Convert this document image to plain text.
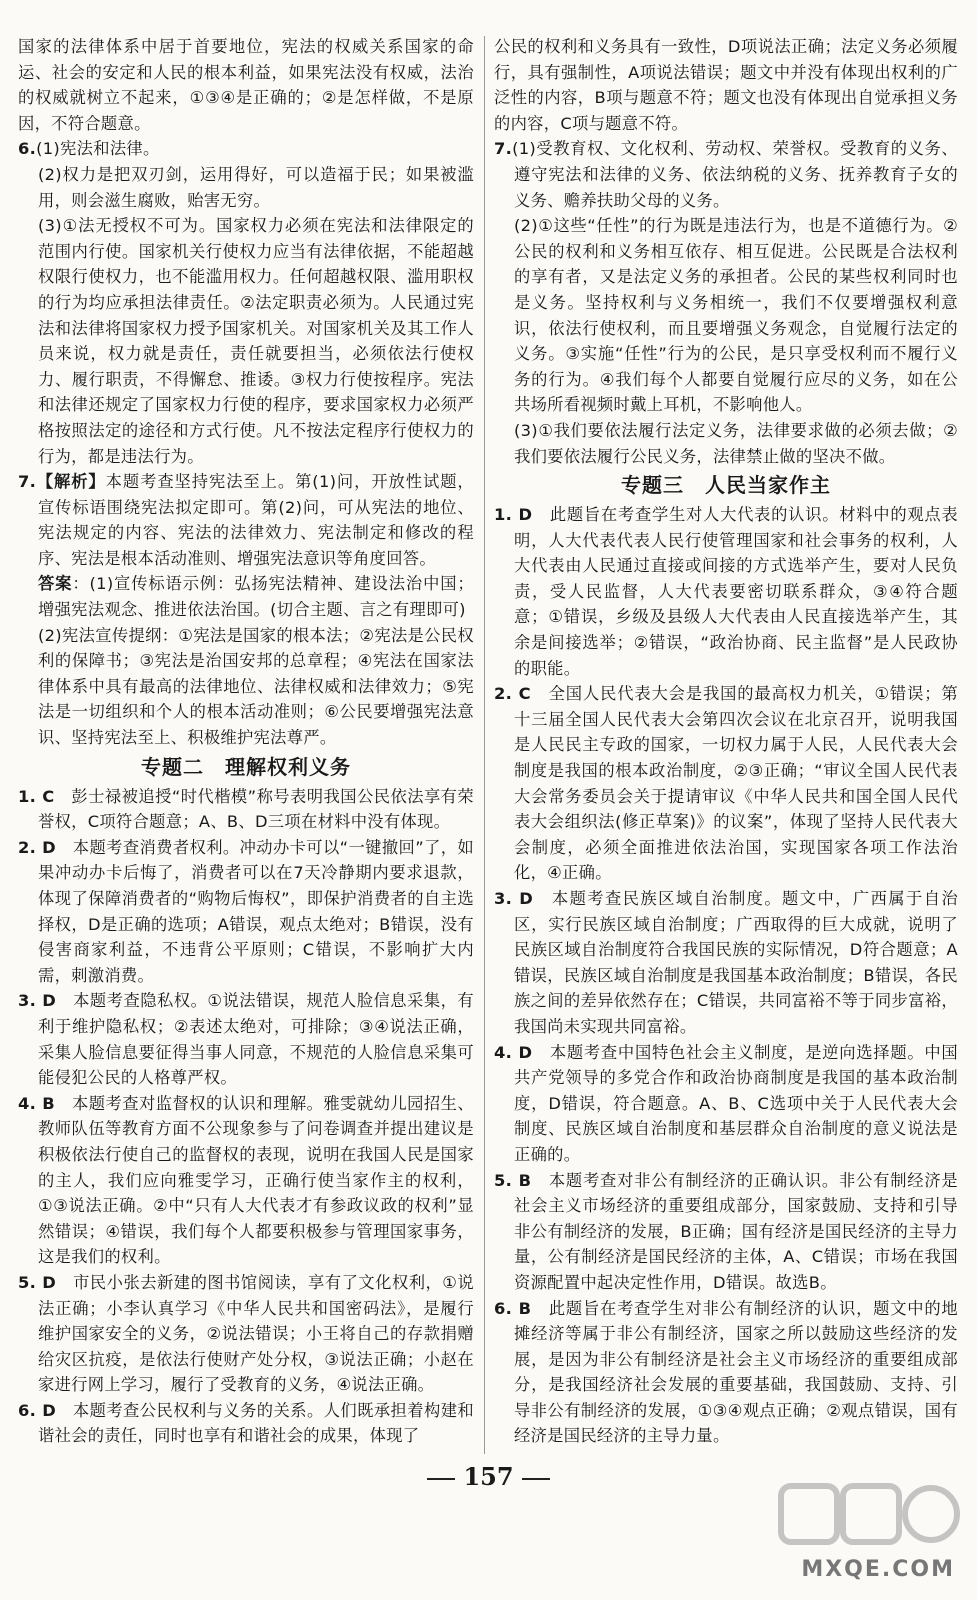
国家的法律体系中居于首要地位，宪法的权威关系国家的命运、社会的安定和人民的根本利益，如果宪法没有权威，法治的权威就树立不起来，①③④是正确的；②是怎样做，不是原因，不符合题意。

6.(1)宪法和法律。

(2)权力是把双刃剑，运用得好，可以造福于民；如果被滥用，则会滋生腐败，贻害无穷。

(3)①法无授权不可为。国家权力必须在宪法和法律限定的范围内行使。国家机关行使权力应当有法律依据，不能超越权限行使权力，也不能滥用权力。任何超越权限、滥用职权的行为均应承担法律责任。②法定职责必须为。人民通过宪法和法律将国家权力授予国家机关。对国家机关及其工作人员来说，权力就是责任，责任就要担当，必须依法行使权力、履行职责，不得懈怠、推诿。③权力行使按程序。宪法和法律还规定了国家权力行使的程序，要求国家权力必须严格按照法定的途径和方式行使。凡不按法定程序行使权力的行为，都是违法行为。

7.【解析】本题考查坚持宪法至上。第(1)问，开放性试题，宣传标语围绕宪法拟定即可。第(2)问，可从宪法的地位、宪法规定的内容、宪法的法律效力、宪法制定和修改的程序、宪法是根本活动准则、增强宪法意识等角度回答。

答案：(1)宣传标语示例：弘扬宪法精神、建设法治中国；增强宪法观念、推进依法治国。(切合主题、言之有理即可)

(2)宪法宣传提纲：①宪法是国家的根本法；②宪法是公民权利的保障书；③宪法是治国安邦的总章程；④宪法在国家法律体系中具有最高的法律地位、法律权威和法律效力；⑤宪法是一切组织和个人的根本活动准则；⑥公民要增强宪法意识、坚持宪法至上、积极维护宪法尊严。

专题二　理解权利义务

1. C　 彭士禄被追授“时代楷模”称号表明我国公民依法享有荣誉权，C项符合题意；A、B、D三项在材料中没有体现。

2. D　 本题考查消费者权利。冲动办卡可以“一键撤回”了，如果冲动办卡后悔了，消费者可以在7天冷静期内要求退款，体现了保障消费者的“购物后悔权”，即保护消费者的自主选择权，D是正确的选项；A错误，观点太绝对；B错误，没有侵害商家利益，不违背公平原则；C错误，不影响扩大内需，刺激消费。

3. D　 本题考查隐私权。①说法错误，规范人脸信息采集，有利于维护隐私权；②表述太绝对，可排除；③④说法正确，采集人脸信息要征得当事人同意，不规范的人脸信息采集可能侵犯公民的人格尊严权。

4. B　 本题考查对监督权的认识和理解。雅雯就幼儿园招生、教师队伍等教育方面不公现象参与了问卷调查并提出建议是积极依法行使自己的监督权的表现，说明在我国人民是国家的主人，我们应向雅雯学习，正确行使当家作主的权利，①③说法正确。②中“只有人大代表才有参政议政的权利”显然错误；④错误，我们每个人都要积极参与管理国家事务，这是我们的权利。

5. D　 市民小张去新建的图书馆阅读，享有了文化权利，①说法正确；小李认真学习《中华人民共和国密码法》，是履行维护国家安全的义务，②说法错误；小王将自己的存款捐赠给灾区抗疫，是依法行使财产处分权，③说法正确；小赵在家进行网上学习，履行了受教育的义务，④说法正确。

6. D　 本题考查公民权利与义务的关系。人们既承担着构建和谐社会的责任，同时也享有和谐社会的成果，体现了

公民的权利和义务具有一致性，D项说法正确；法定义务必须履行，具有强制性，A项说法错误；题文中并没有体现出权利的广泛性的内容，B项与题意不符；题文也没有体现出自觉承担义务的内容，C项与题意不符。

7.(1)受教育权、文化权利、劳动权、荣誉权。受教育的义务、遵守宪法和法律的义务、依法纳税的义务、抚养教育子女的义务、赡养扶助父母的义务。

(2)①这些“任性”的行为既是违法行为，也是不道德行为。②公民的权利和义务相互依存、相互促进。公民既是合法权利的享有者，又是法定义务的承担者。公民的某些权利同时也是义务。坚持权利与义务相统一，我们不仅要增强权利意识，依法行使权利，而且要增强义务观念，自觉履行法定的义务。③实施“任性”行为的公民，是只享受权利而不履行义务的行为。④我们每个人都要自觉履行应尽的义务，如在公共场所看视频时戴上耳机，不影响他人。

(3)①我们要依法履行法定义务，法律要求做的必须去做；②我们要依法履行公民义务，法律禁止做的坚决不做。

专题三　人民当家作主

1. D　 此题旨在考查学生对人大代表的认识。材料中的观点表明，人大代表代表人民行使管理国家和社会事务的权利，人大代表由人民通过直接或间接的方式选举产生，要对人民负责，受人民监督，人大代表要密切联系群众，③④符合题意；①错误，乡级及县级人大代表由人民直接选举产生，其余是间接选举；②错误，“政治协商、民主监督”是人民政协的职能。

2. C　 全国人民代表大会是我国的最高权力机关，①错误；第十三届全国人民代表大会第四次会议在北京召开，说明我国是人民民主专政的国家，一切权力属于人民，人民代表大会制度是我国的根本政治制度，②③正确；“审议全国人民代表大会常务委员会关于提请审议《中华人民共和国全国人民代表大会组织法(修正草案)》的议案”，体现了坚持人民代表大会制度，必须全面推进依法治国，实现国家各项工作法治化，④正确。

3. D　 本题考查民族区域自治制度。题文中，广西属于自治区，实行民族区域自治制度；广西取得的巨大成就，说明了民族区域自治制度符合我国民族的实际情况，D符合题意；A错误，民族区域自治制度是我国基本政治制度；B错误，各民族之间的差异依然存在；C错误，共同富裕不等于同步富裕，我国尚未实现共同富裕。

4. D　 本题考查中国特色社会主义制度，是逆向选择题。中国共产党领导的多党合作和政治协商制度是我国的基本政治制度，D错误，符合题意。A、B、C选项中关于人民代表大会制度、民族区域自治制度和基层群众自治制度的意义说法是正确的。

5. B　 本题考查对非公有制经济的正确认识。非公有制经济是社会主义市场经济的重要组成部分，国家鼓励、支持和引导非公有制经济的发展，B正确；国有经济是国民经济的主导力量，公有制经济是国民经济的主体，A、C错误；市场在我国资源配置中起决定性作用，D错误。故选B。

6. B　 此题旨在考查学生对非公有制经济的认识，题文中的地摊经济等属于非公有制经济，国家之所以鼓励这些经济的发展，是因为非公有制经济是社会主义市场经济的重要组成部分，是我国经济社会发展的重要基础，我国鼓励、支持、引导非公有制经济的发展，①③④观点正确；②观点错误，国有经济是国民经济的主导力量。

157
MXQE.COM
